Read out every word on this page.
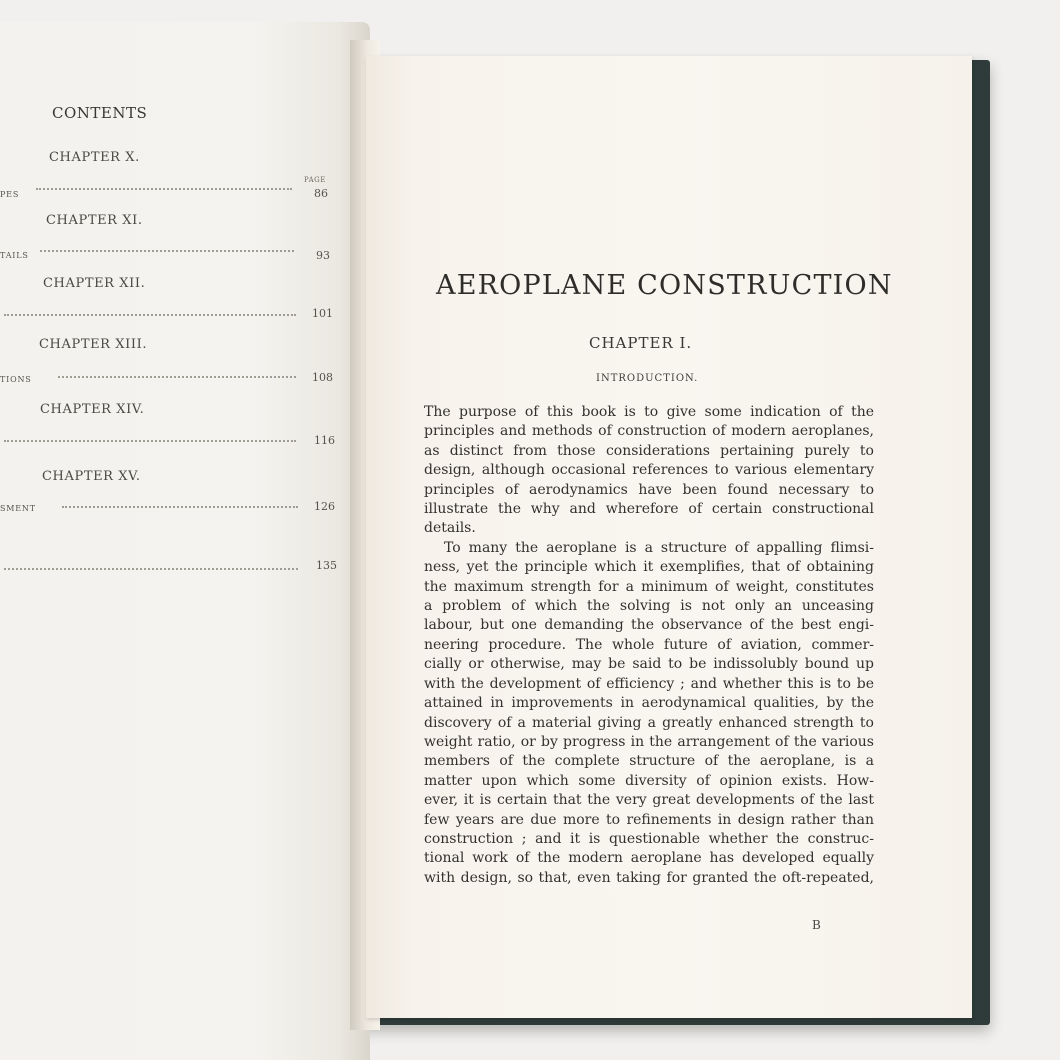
CONTENTS
PAGE
CHAPTER X.
PES	86
CHAPTER XI.
TAILS	93
CHAPTER XII.
101
CHAPTER XIII.
TIONS	108
CHAPTER XIV.
116
CHAPTER XV.
SMENT	126
135
AEROPLANE CONSTRUCTION
CHAPTER I.
INTRODUCTION.
The purpose of this book is to give some indication of the
principles and methods of construction of modern aeroplanes,
as distinct from those considerations pertaining purely to
design, although occasional references to various elementary
principles of aerodynamics have been found necessary to
illustrate the why and wherefore of certain constructional
details.
To many the aeroplane is a structure of appalling flimsi-
ness, yet the principle which it exemplifies, that of obtaining
the maximum strength for a minimum of weight, constitutes
a problem of which the solving is not only an unceasing
labour, but one demanding the observance of the best engi-
neering procedure. The whole future of aviation, commer-
cially or otherwise, may be said to be indissolubly bound up
with the development of efficiency ; and whether this is to be
attained in improvements in aerodynamical qualities, by the
discovery of a material giving a greatly enhanced strength to
weight ratio, or by progress in the arrangement of the various
members of the complete structure of the aeroplane, is a
matter upon which some diversity of opinion exists. How-
ever, it is certain that the very great developments of the last
few years are due more to refinements in design rather than
construction ; and it is questionable whether the construc-
tional work of the modern aeroplane has developed equally
with design, so that, even taking for granted the oft-repeated,
B
